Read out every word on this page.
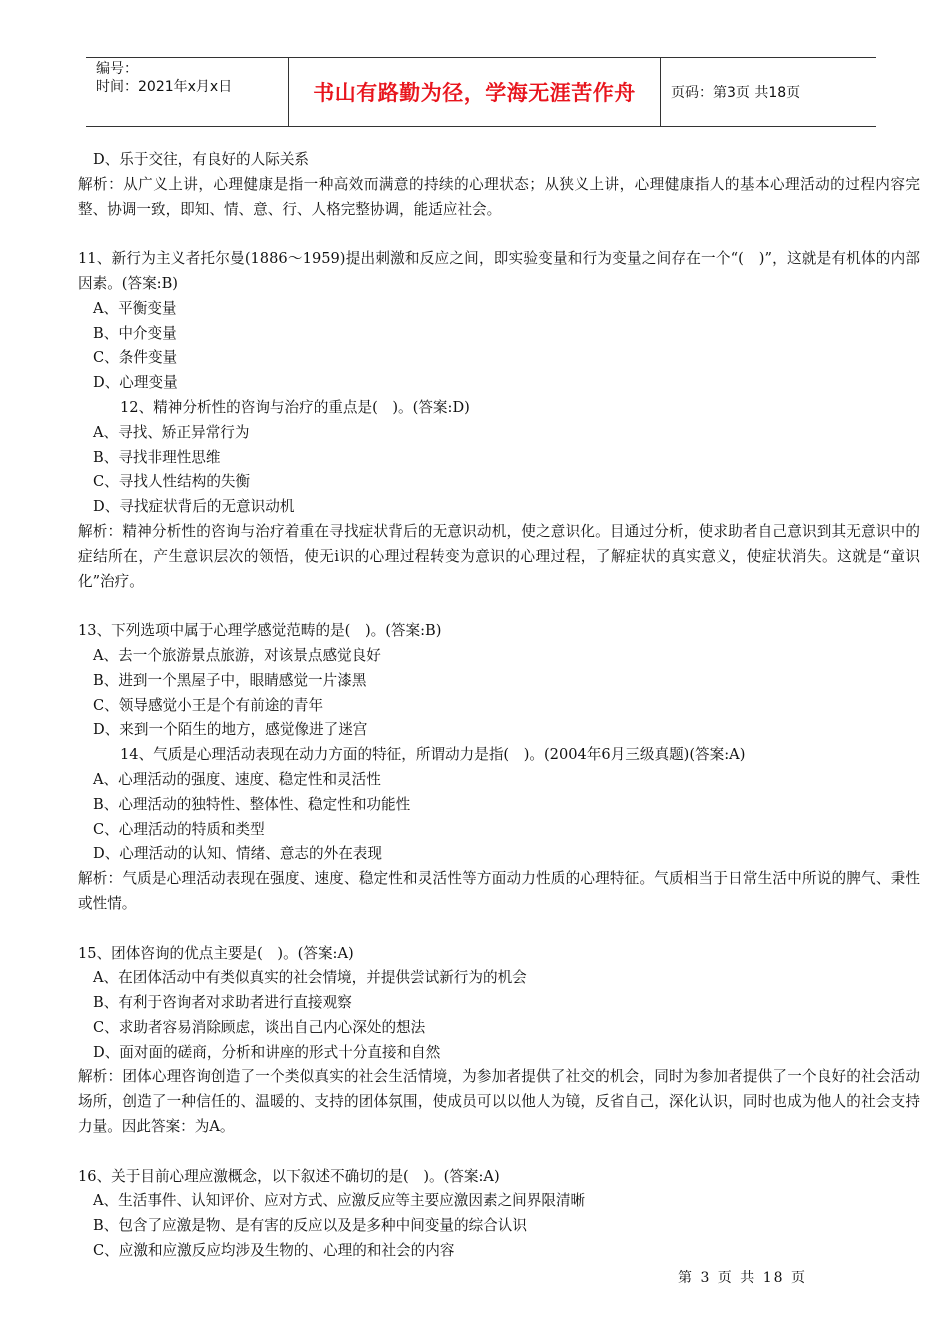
编号：
时间：2021年x月x日	书山有路勤为径，学海无涯苦作舟	页码：第3页 共18页
D、乐于交往，有良好的人际关系
解析：从广义上讲，心理健康是指一种高效而满意的持续的心理状态；从狭义上讲，心理健康指人的基本心理活动的过程内容完整、协调一致，即知、情、意、行、人格完整协调，能适应社会。
11、新行为主义者托尔曼(1886～1959)提出刺激和反应之间，即实验变量和行为变量之间存在一个“(　)”，这就是有机体的内部因素。(答案:B)
A、平衡变量
B、中介变量
C、条件变量
D、心理变量
12、精神分析性的咨询与治疗的重点是(　)。(答案:D)
A、寻找、矫正异常行为
B、寻找非理性思维
C、寻找人性结构的失衡
D、寻找症状背后的无意识动机
解析：精神分析性的咨询与治疗着重在寻找症状背后的无意识动机，使之意识化。目通过分析，使求助者自己意识到其无意识中的症结所在，产生意识层次的领悟，使无i识的心理过程转变为意识的心理过程，了解症状的真实意义，使症状消失。这就是“童识化”治疗。
13、下列选项中属于心理学感觉范畴的是(　)。(答案:B)
A、去一个旅游景点旅游，对该景点感觉良好
B、进到一个黑屋子中，眼睛感觉一片漆黑
C、领导感觉小王是个有前途的青年
D、来到一个陌生的地方，感觉像进了迷宫
14、气质是心理活动表现在动力方面的特征，所谓动力是指(　)。(2004年6月三级真题)(答案:A)
A、心理活动的强度、速度、稳定性和灵活性
B、心理活动的独特性、整体性、稳定性和功能性
C、心理活动的特质和类型
D、心理活动的认知、情绪、意志的外在表现
解析：气质是心理活动表现在强度、速度、稳定性和灵活性等方面动力性质的心理特征。气质相当于日常生活中所说的脾气、秉性或性情。
15、团体咨询的优点主要是(　)。(答案:A)
A、在团体活动中有类似真实的社会情境，并提供尝试新行为的机会
B、有利于咨询者对求助者进行直接观察
C、求助者容易消除顾虑，谈出自己内心深处的想法
D、面对面的磋商，分析和讲座的形式十分直接和自然
解析：团体心理咨询创造了一个类似真实的社会生活情境，为参加者提供了社交的机会，同时为参加者提供了一个良好的社会活动场所，创造了一种信任的、温暖的、支持的团体氛围，使成员可以以他人为镜，反省自己，深化认识，同时也成为他人的社会支持力量。因此答案：为A。
16、关于目前心理应激概念，以下叙述不确切的是(　)。(答案:A)
A、生活事件、认知评价、应对方式、应激反应等主要应激因素之间界限清晰
B、包含了应激是物、是有害的反应以及是多种中间变量的综合认识
C、应激和应激反应均涉及生物的、心理的和社会的内容
第 3 页 共 18 页
